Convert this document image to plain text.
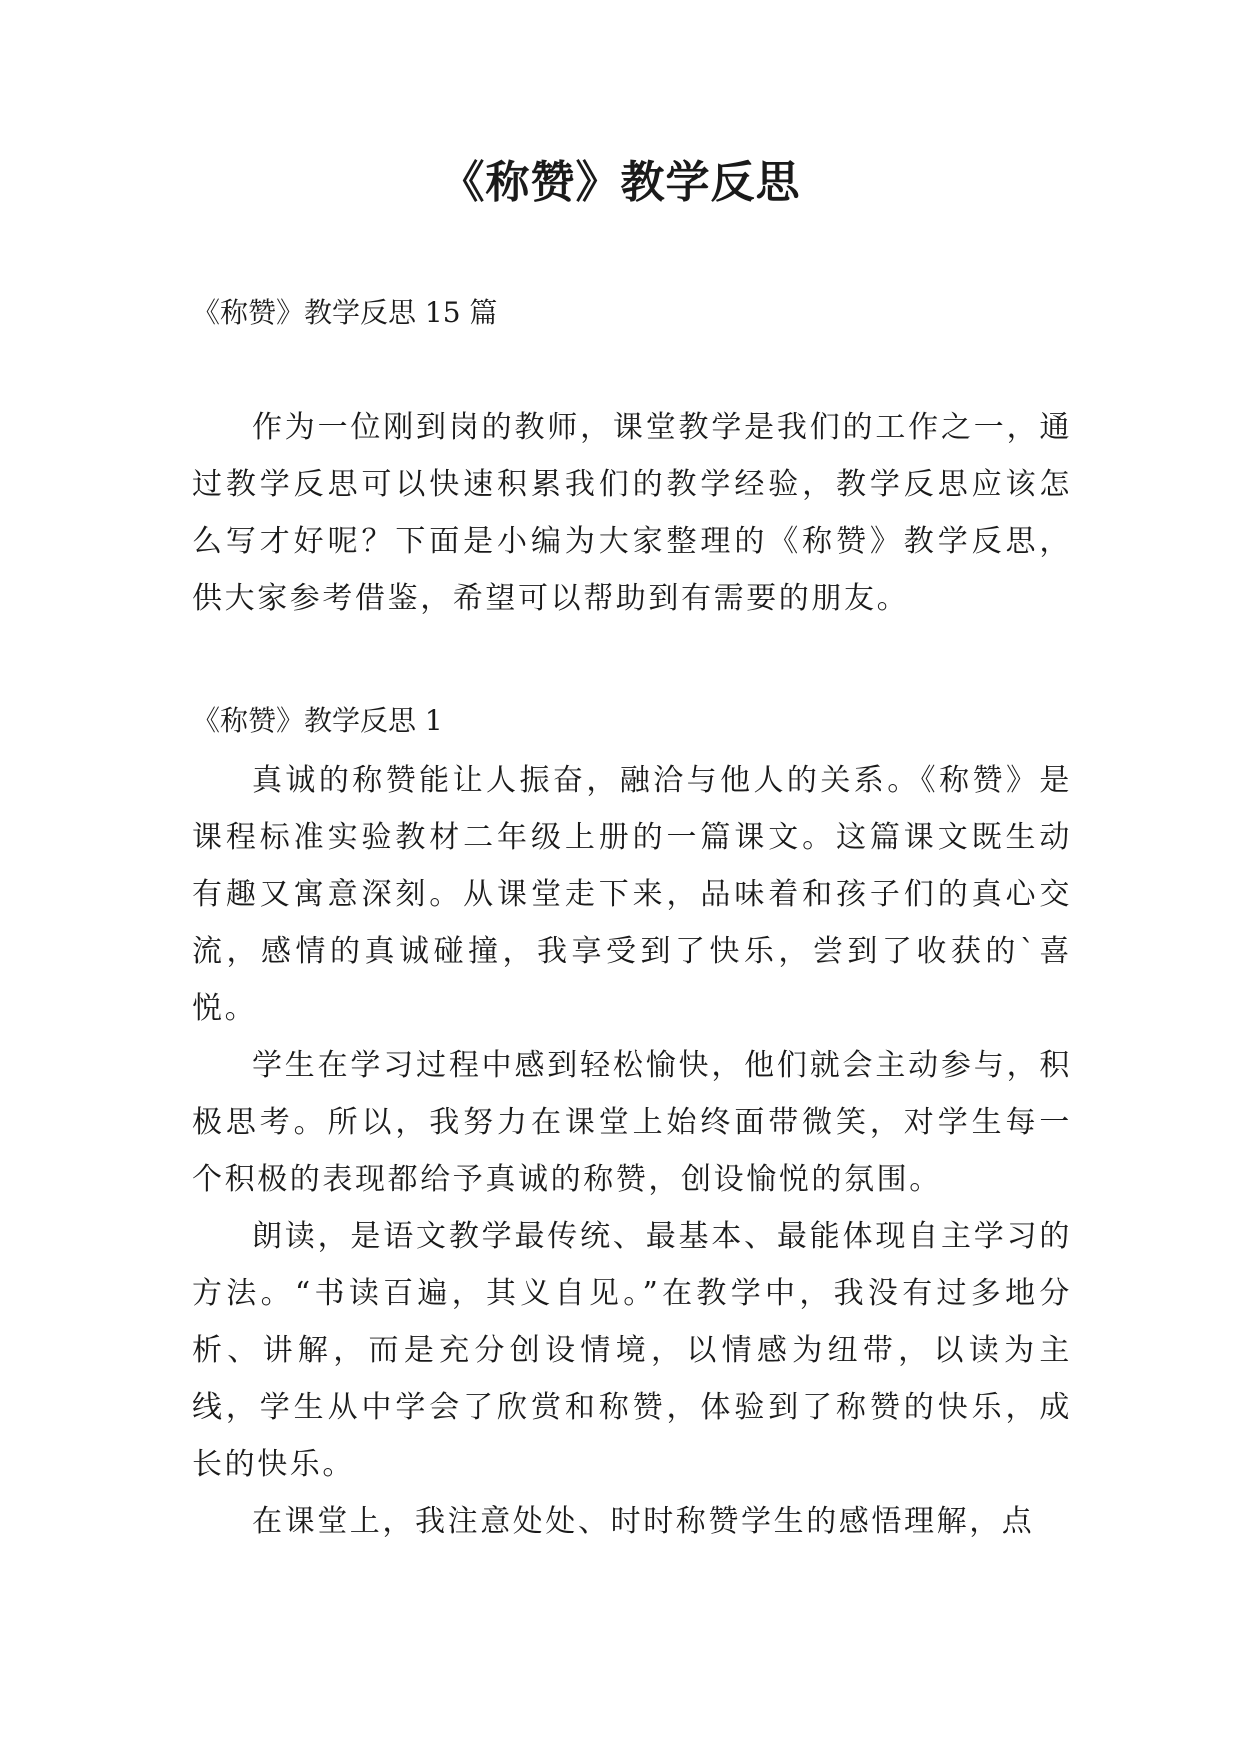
《称赞》教学反思
《称赞》教学反思 15 篇

作为一位刚到岗的教师，课堂教学是我们的工作之一，通过教学反思可以快速积累我们的教学经验，教学反思应该怎么写才好呢？下面是小编为大家整理的《称赞》教学反思，供大家参考借鉴，希望可以帮助到有需要的朋友。

《称赞》教学反思 1

真诚的称赞能让人振奋，融洽与他人的关系。《称赞》是课程标准实验教材二年级上册的一篇课文。这篇课文既生动有趣又寓意深刻。从课堂走下来，品味着和孩子们的真心交流，感情的真诚碰撞，我享受到了快乐，尝到了收获的`喜悦。

学生在学习过程中感到轻松愉快，他们就会主动参与，积极思考。所以，我努力在课堂上始终面带微笑，对学生每一个积极的表现都给予真诚的称赞，创设愉悦的氛围。

朗读，是语文教学最传统、最基本、最能体现自主学习的方法。“书读百遍，其义自见。”在教学中，我没有过多地分析、讲解，而是充分创设情境，以情感为纽带，以读为主线，学生从中学会了欣赏和称赞，体验到了称赞的快乐，成长的快乐。

在课堂上，我注意处处、时时称赞学生的感悟理解，点
